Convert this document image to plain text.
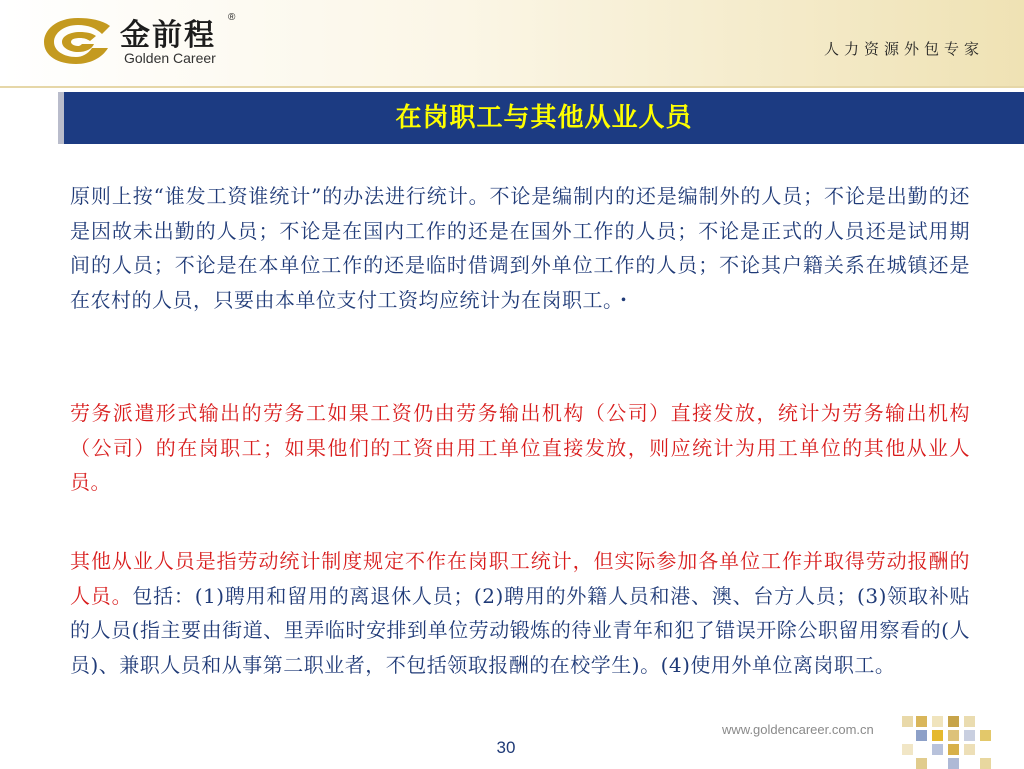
金前程
®
Golden Career	人力资源外包专家
在岗职工与其他从业人员

原则上按“谁发工资谁统计”的办法进行统计。不论是编制内的还是编制外的人员；不论是出勤的还是因故未出勤的人员；不论是在国内工作的还是在国外工作的人员；不论是正式的人员还是试用期间的人员；不论是在本单位工作的还是临时借调到外单位工作的人员；不论其户籍关系在城镇还是在农村的人员，只要由本单位支付工资均应统计为在岗职工。・

劳务派遣形式输出的劳务工如果工资仍由劳务输出机构（公司）直接发放，统计为劳务输出机构（公司）的在岗职工；如果他们的工资由用工单位直接发放，则应统计为用工单位的其他从业人员。

其他从业人员是指劳动统计制度规定不作在岗职工统计，但实际参加各单位工作并取得劳动报酬的人员。包括：(1)聘用和留用的离退休人员；(2)聘用的外籍人员和港、澳、台方人员；(3)领取补贴的人员(指主要由街道、里弄临时安排到单位劳动锻炼的待业青年和犯了错误开除公职留用察看的(人员)、兼职人员和从事第二职业者，不包括领取报酬的在校学生)。(4)使用外单位离岗职工。

www.goldencareer.com.cn
30
